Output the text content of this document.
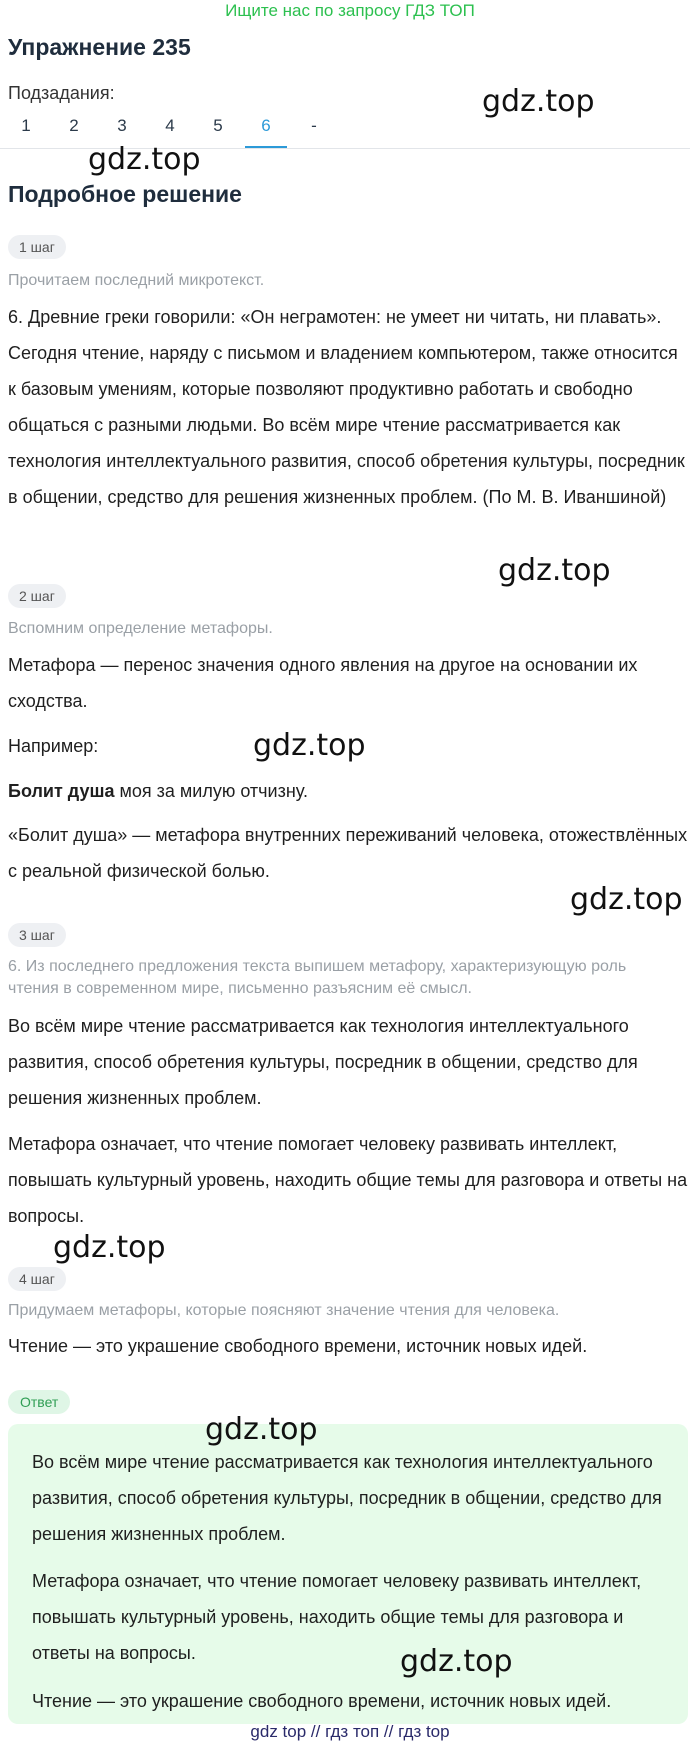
Ищите нас по запросу ГДЗ ТОП
Упражнение 235
Подзадания:
1	2	3	4	5	6	-
gdz.top
gdz.top
gdz.top
gdz.top
gdz.top
gdz.top
gdz.top
gdz.top
Подробное решение
1 шаг
Прочитаем последний микротекст.
6. Древние греки говорили: «Он неграмотен: не умеет ни читать, ни плавать». Сегодня чтение, наряду с письмом и владением компьютером, также относится к базовым умениям, которые позволяют продуктивно работать и свободно общаться с разными людьми. Во всём мире чтение рассматривается как технология интеллектуального развития, способ обретения культуры, посредник в общении, средство для решения жизненных проблем. (По М. В. Иваншиной)
2 шаг
Вспомним определение метафоры.
Метафора — перенос значения одного явления на другое на основании их сходства.
Например:
Болит душа моя за милую отчизну.
«Болит душа» — метафора внутренних переживаний человека, отожествлённых с реальной физической болью.
3 шаг
6. Из последнего предложения текста выпишем метафору, характеризующую роль чтения в современном мире, письменно разъясним её смысл.
Во всём мире чтение рассматривается как технология интеллектуального развития, способ обретения культуры, посредник в общении, средство для решения жизненных проблем.
Метафора означает, что чтение помогает человеку развивать интеллект, повышать культурный уровень, находить общие темы для разговора и ответы на вопросы.
4 шаг
Придумаем метафоры, которые поясняют значение чтения для человека.
Чтение — это украшение свободного времени, источник новых идей.
Ответ
Во всём мире чтение рассматривается как технология интеллектуального развития, способ обретения культуры, посредник в общении, средство для решения жизненных проблем.
Метафора означает, что чтение помогает человеку развивать интеллект, повышать культурный уровень, находить общие темы для разговора и ответы на вопросы.
Чтение — это украшение свободного времени, источник новых идей.
gdz top // гдз топ // гдз top
